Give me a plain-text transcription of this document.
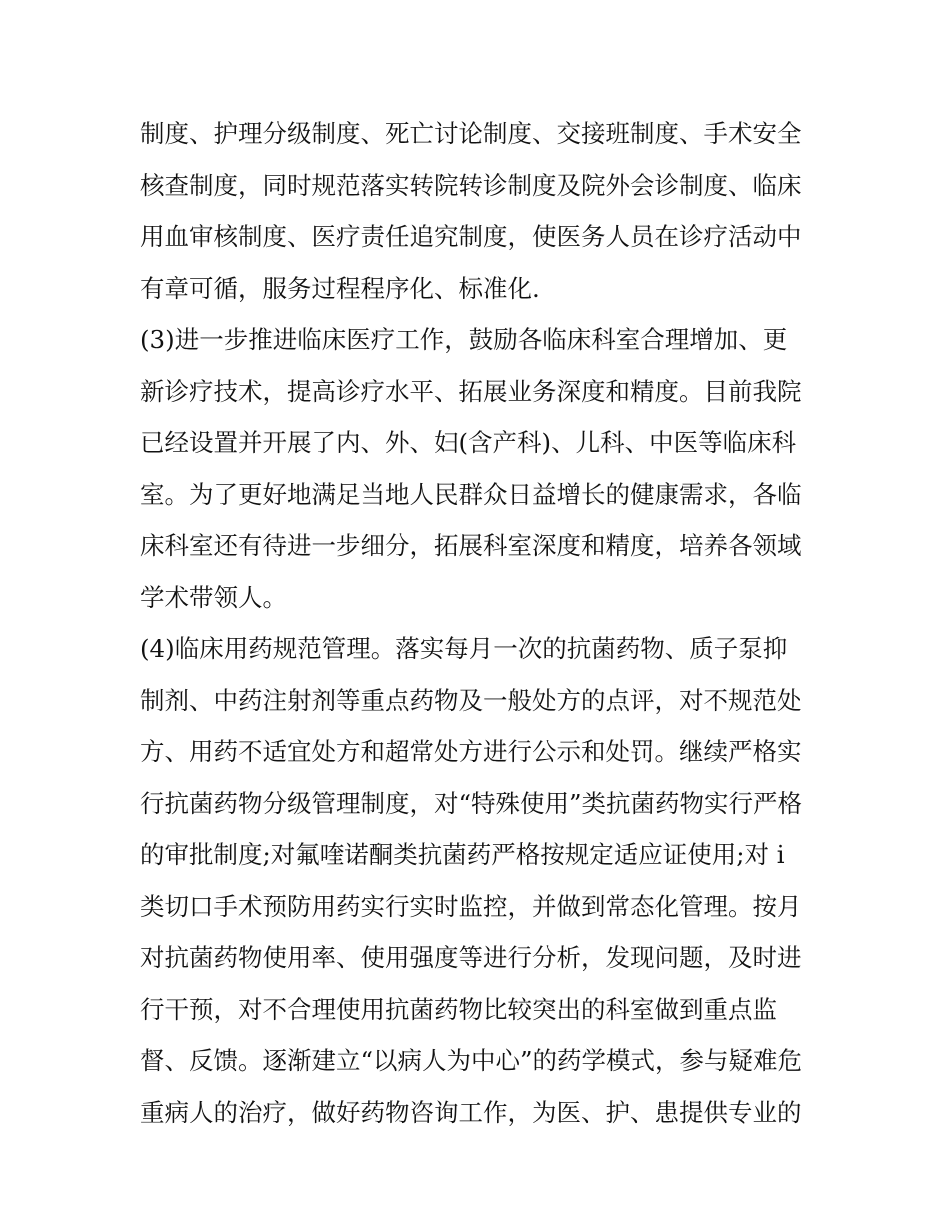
制度、护理分级制度、死亡讨论制度、交接班制度、手术安全
核查制度，同时规范落实转院转诊制度及院外会诊制度、临床
用血审核制度、医疗责任追究制度，使医务人员在诊疗活动中
有章可循，服务过程程序化、标准化.
(3)进一步推进临床医疗工作，鼓励各临床科室合理增加、更
新诊疗技术，提高诊疗水平、拓展业务深度和精度。目前我院
已经设置并开展了内、外、妇(含产科)、儿科、中医等临床科
室。为了更好地满足当地人民群众日益增长的健康需求，各临
床科室还有待进一步细分，拓展科室深度和精度，培养各领域
学术带领人。
(4)临床用药规范管理。落实每月一次的抗菌药物、质子泵抑
制剂、中药注射剂等重点药物及一般处方的点评，对不规范处
方、用药不适宜处方和超常处方进行公示和处罚。继续严格实
行抗菌药物分级管理制度，对“特殊使用”类抗菌药物实行严格
的审批制度;对氟喹诺酮类抗菌药严格按规定适应证使用;对 i
类切口手术预防用药实行实时监控，并做到常态化管理。按月
对抗菌药物使用率、使用强度等进行分析，发现问题，及时进
行干预，对不合理使用抗菌药物比较突出的科室做到重点监
督、反馈。逐渐建立“以病人为中心”的药学模式，参与疑难危
重病人的治疗，做好药物咨询工作，为医、护、患提供专业的
